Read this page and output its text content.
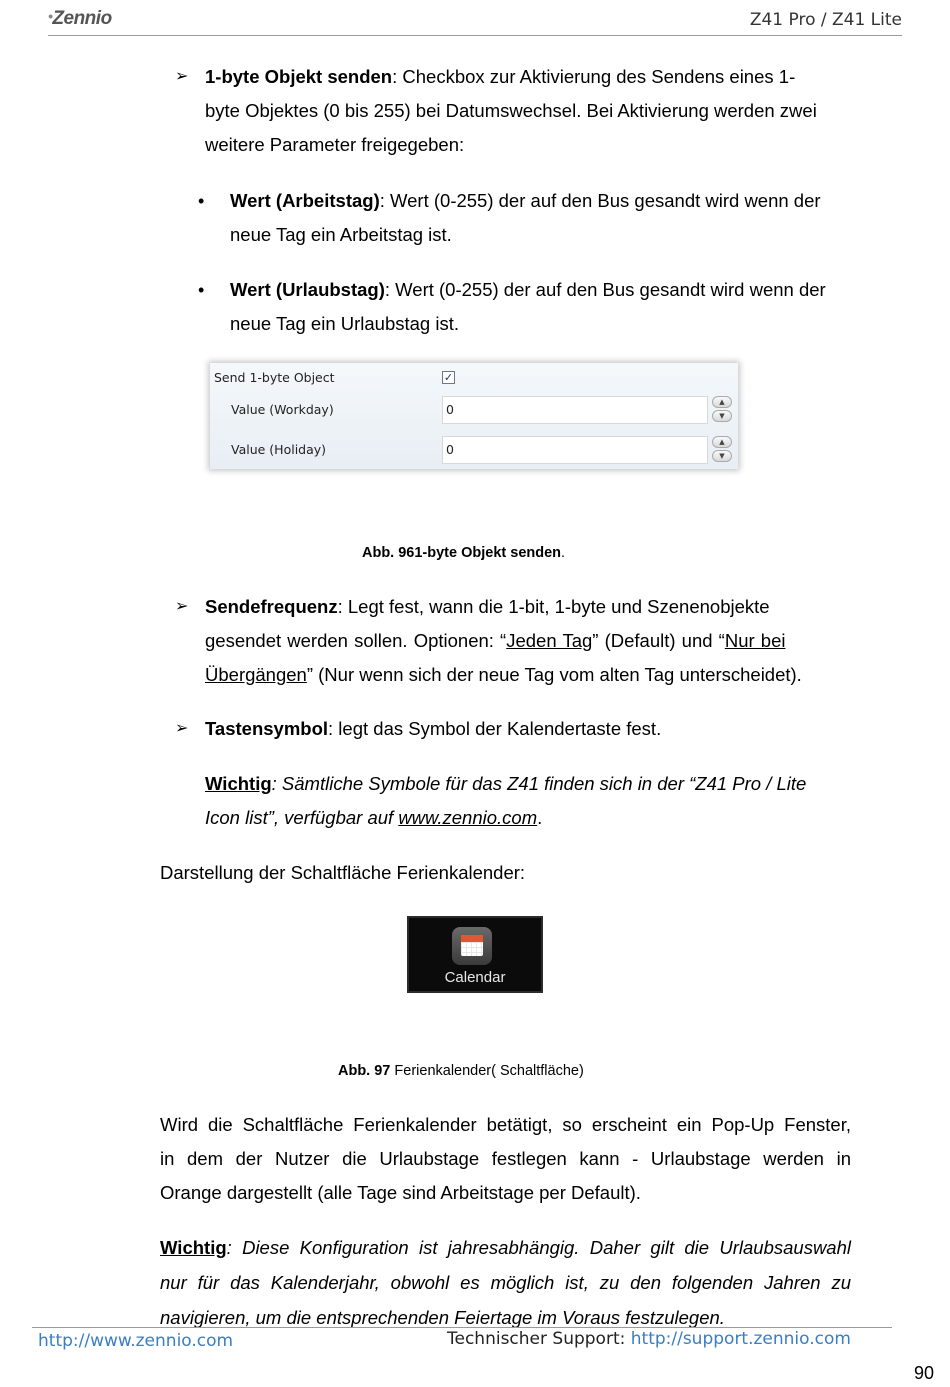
•Zennio	Z41 Pro / Z41 Lite
➢ 1-byte Objekt senden: Checkbox zur Aktivierung des Sendens eines 1-
byte Objektes (0 bis 255) bei Datumswechsel. Bei Aktivierung werden zwei
weitere Parameter freigegeben:
• Wert (Arbeitstag): Wert (0-255) der auf den Bus gesandt wird wenn der
neue Tag ein Arbeitstag ist.
• Wert (Urlaubstag): Wert (0-255) der auf den Bus gesandt wird wenn der
neue Tag ein Urlaubstag ist.
Send 1-byte Object	✓
Value (Workday)	0	▲
▼
Value (Holiday)	0	▲
▼
Abb. 961-byte Objekt senden.
➢ Sendefrequenz: Legt fest, wann die 1-bit, 1-byte und Szenenobjekte
gesendet werden sollen. Optionen: “Jeden Tag” (Default) und “Nur bei
Übergängen” (Nur wenn sich der neue Tag vom alten Tag unterscheidet).
➢ Tastensymbol: legt das Symbol der Kalendertaste fest.
Wichtig: Sämtliche Symbole für das Z41 finden sich in der “Z41 Pro / Lite
Icon list”, verfügbar auf www.zennio.com.
Darstellung der Schaltfläche Ferienkalender:
Calendar
Abb. 97 Ferienkalender( Schaltfläche)
Wird die Schaltfläche Ferienkalender betätigt, so erscheint ein Pop-Up Fenster,
in dem der Nutzer die Urlaubstage festlegen kann - Urlaubstage werden in
Orange dargestellt (alle Tage sind Arbeitstage per Default).
Wichtig: Diese Konfiguration ist jahresabhängig. Daher gilt die Urlaubsauswahl
nur für das Kalenderjahr, obwohl es möglich ist, zu den folgenden Jahren zu
navigieren, um die entsprechenden Feiertage im Voraus festzulegen.
http://www.zennio.com	Technischer Support: http://support.zennio.com
90
